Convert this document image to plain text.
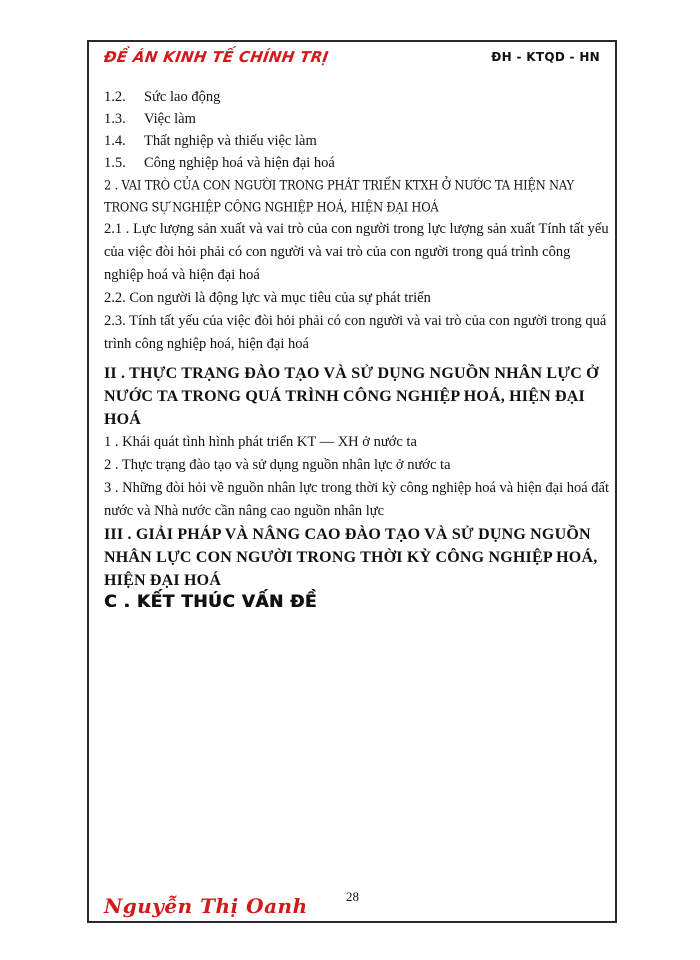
ĐỀ ÁN KINH TẾ CHÍNH TRỊ	ĐH - KTQD - HN

1.2.	Sức lao động

1.3.	Việc làm

1.4.	Thất nghiệp và thiếu việc làm

1.5.	Công nghiệp hoá và hiện đại hoá

2 . VAI TRÒ CỦA CON NGƯỜI TRONG PHÁT TRIỂN KTXH Ở NƯỚC TA HIỆN NAY TRONG SỰ NGHIỆP CÔNG NGHIỆP HOÁ, HIỆN ĐẠI HOÁ

2.1 . Lực lượng sản xuất và vai trò của con người trong lực lượng sản xuất Tính tất yếu của việc đòi hỏi phải có con người và vai trò của con người trong quá trình công nghiệp hoá và hiện đại hoá

2.2. Con người là động lực và mục tiêu của sự phát triển

2.3. Tính tất yếu của việc đòi hỏi phải có con người và vai trò của con người trong quá trình công nghiệp hoá, hiện đại hoá

II . THỰC TRẠNG ĐÀO TẠO VÀ SỬ DỤNG NGUỒN NHÂN LỰC Ở NƯỚC TA TRONG QUÁ TRÌNH CÔNG NGHIỆP HOÁ, HIỆN ĐẠI HOÁ

1 . Khái quát tình hình phát triển KT — XH ở nước ta

2 . Thực trạng đào tạo và sử dụng nguồn nhân lực ở nước ta

3 . Những đòi hỏi về nguồn nhân lực trong thời kỳ công nghiệp hoá và hiện đại hoá đất nước và Nhà nước cần nâng cao nguồn nhân lực

III . GIẢI PHÁP VÀ NÂNG CAO ĐÀO TẠO VÀ SỬ DỤNG NGUỒN NHÂN LỰC CON NGƯỜI TRONG THỜI KỲ CÔNG NGHIỆP HOÁ, HIỆN ĐẠI HOÁ

C . KẾT THÚC VẤN ĐỀ

Nguyễn Thị Oanh	28
